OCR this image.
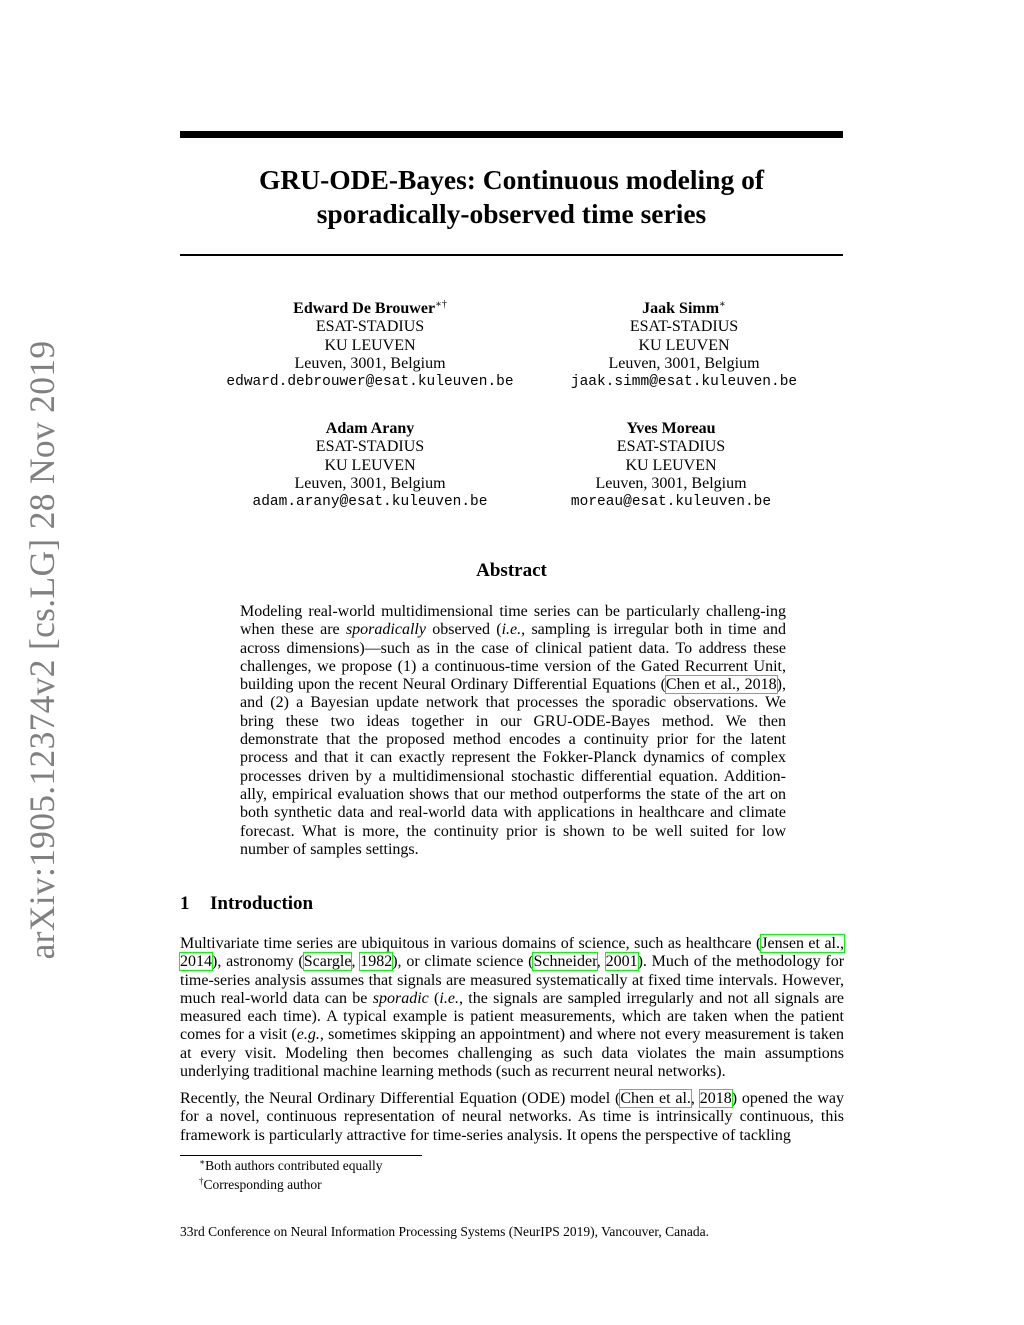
arXiv:1905.12374v2 [cs.LG] 28 Nov 2019
GRU-ODE-Bayes: Continuous modeling of
sporadically-observed time series
Edward De Brouwer∗†
ESAT-STADIUS
KU LEUVEN
Leuven, 3001, Belgium
edward.debrouwer@esat.kuleuven.be
Jaak Simm∗
ESAT-STADIUS
KU LEUVEN
Leuven, 3001, Belgium
jaak.simm@esat.kuleuven.be
Adam Arany
ESAT-STADIUS
KU LEUVEN
Leuven, 3001, Belgium
adam.arany@esat.kuleuven.be
Yves Moreau
ESAT-STADIUS
KU LEUVEN
Leuven, 3001, Belgium
moreau@esat.kuleuven.be
Abstract
Modeling real-world multidimensional time series can be particularly challeng-ing when these are sporadically observed (i.e., sampling is irregular both in time and across dimensions)—such as in the case of clinical patient data. To address these challenges, we propose (1) a continuous-time version of the Gated Recurrent Unit, building upon the recent Neural Ordinary Differential Equations (Chen et al., 2018), and (2) a Bayesian update network that processes the sporadic observations. We bring these two ideas together in our GRU-ODE-Bayes method. We then demonstrate that the proposed method encodes a continuity prior for the latent process and that it can exactly represent the Fokker-Planck dynamics of complex processes driven by a multidimensional stochastic differential equation. Addition-ally, empirical evaluation shows that our method outperforms the state of the art on both synthetic data and real-world data with applications in healthcare and climate forecast. What is more, the continuity prior is shown to be well suited for low number of samples settings.
1 Introduction
Multivariate time series are ubiquitous in various domains of science, such as healthcare (Jensen et al., 2014), astronomy (Scargle, 1982), or climate science (Schneider, 2001). Much of the methodology for time-series analysis assumes that signals are measured systematically at fixed time intervals. However, much real-world data can be sporadic (i.e., the signals are sampled irregularly and not all signals are measured each time). A typical example is patient measurements, which are taken when the patient comes for a visit (e.g., sometimes skipping an appointment) and where not every measurement is taken at every visit. Modeling then becomes challenging as such data violates the main assumptions underlying traditional machine learning methods (such as recurrent neural networks).
Recently, the Neural Ordinary Differential Equation (ODE) model (Chen et al., 2018) opened the way for a novel, continuous representation of neural networks. As time is intrinsically continuous, this framework is particularly attractive for time-series analysis. It opens the perspective of tackling
∗Both authors contributed equally
†Corresponding author
33rd Conference on Neural Information Processing Systems (NeurIPS 2019), Vancouver, Canada.
